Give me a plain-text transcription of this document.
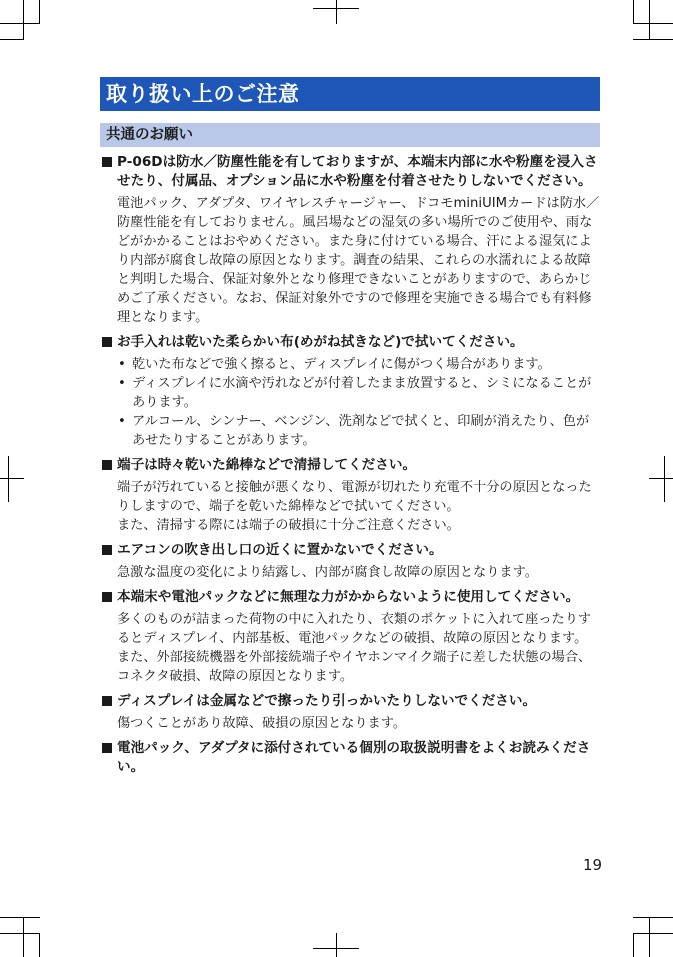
取り扱い上のご注意
共通のお願い
P-06Dは防水／防塵性能を有しておりますが、本端末内部に水や粉塵を浸入させたり、付属品、オプション品に水や粉塵を付着させたりしないでください。

電池パック、アダプタ、ワイヤレスチャージャー、ドコモminiUIMカードは防水／防塵性能を有しておりません。風呂場などの湿気の多い場所でのご使用や、雨などがかかることはおやめください。また身に付けている場合、汗による湿気により内部が腐食し故障の原因となります。調査の結果、これらの水濡れによる故障と判明した場合、保証対象外となり修理できないことがありますので、あらかじめご了承ください。なお、保証対象外ですので修理を実施できる場合でも有料修理となります。

お手入れは乾いた柔らかい布(めがね拭きなど)で拭いてください。
• 乾いた布などで強く擦ると、ディスプレイに傷がつく場合があります。
• ディスプレイに水滴や汚れなどが付着したまま放置すると、シミになることがあります。
• アルコール、シンナー、ベンジン、洗剤などで拭くと、印刷が消えたり、色があせたりすることがあります。
端子は時々乾いた綿棒などで清掃してください。

端子が汚れていると接触が悪くなり、電源が切れたり充電不十分の原因となったりしますので、端子を乾いた綿棒などで拭いてください。

また、清掃する際には端子の破損に十分ご注意ください。

エアコンの吹き出し口の近くに置かないでください。

急激な温度の変化により結露し、内部が腐食し故障の原因となります。

本端末や電池パックなどに無理な力がかからないように使用してください。

多くのものが詰まった荷物の中に入れたり、衣類のポケットに入れて座ったりするとディスプレイ、内部基板、電池パックなどの破損、故障の原因となります。

また、外部接続機器を外部接続端子やイヤホンマイク端子に差した状態の場合、コネクタ破損、故障の原因となります。

ディスプレイは金属などで擦ったり引っかいたりしないでください。

傷つくことがあり故障、破損の原因となります。

電池パック、アダプタに添付されている個別の取扱説明書をよくお読みください。
19
